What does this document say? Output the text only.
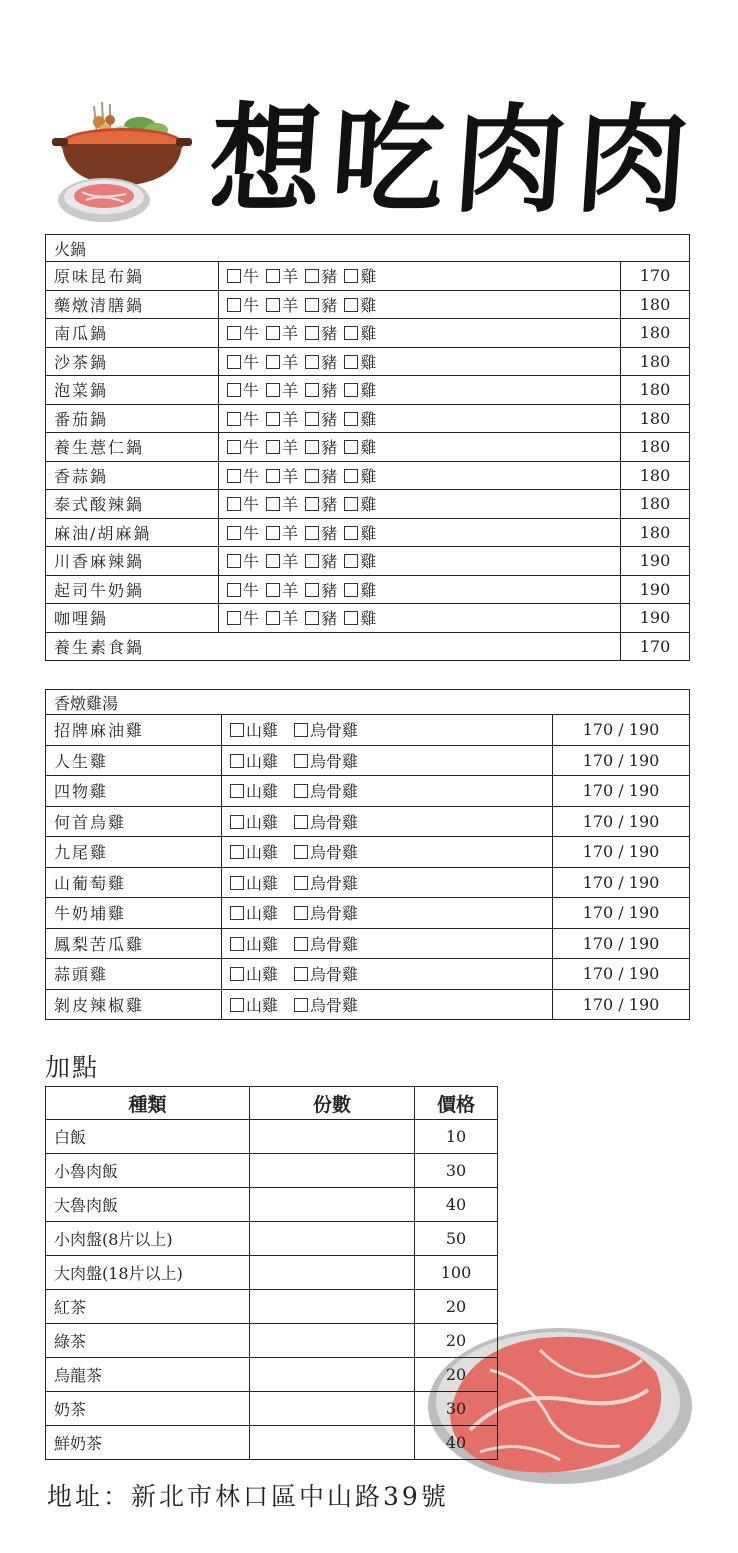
想吃肉肉
火鍋		
原味昆布鍋	牛 羊 豬 雞	170
藥燉清膳鍋	牛 羊 豬 雞	180
南瓜鍋	牛 羊 豬 雞	180
沙茶鍋	牛 羊 豬 雞	180
泡菜鍋	牛 羊 豬 雞	180
番茄鍋	牛 羊 豬 雞	180
養生薏仁鍋	牛 羊 豬 雞	180
香蒜鍋	牛 羊 豬 雞	180
泰式酸辣鍋	牛 羊 豬 雞	180
麻油/胡麻鍋	牛 羊 豬 雞	180
川香麻辣鍋	牛 羊 豬 雞	190
起司牛奶鍋	牛 羊 豬 雞	190
咖哩鍋	牛 羊 豬 雞	190
養生素食鍋		170
香燉雞湯		
招牌麻油雞	山雞 烏骨雞	170 / 190
人生雞	山雞 烏骨雞	170 / 190
四物雞	山雞 烏骨雞	170 / 190
何首烏雞	山雞 烏骨雞	170 / 190
九尾雞	山雞 烏骨雞	170 / 190
山葡萄雞	山雞 烏骨雞	170 / 190
牛奶埔雞	山雞 烏骨雞	170 / 190
鳳梨苦瓜雞	山雞 烏骨雞	170 / 190
蒜頭雞	山雞 烏骨雞	170 / 190
剝皮辣椒雞	山雞 烏骨雞	170 / 190
加點
種類	份數	價格
白飯		10
小魯肉飯		30
大魯肉飯		40
小肉盤(8片以上)		50
大肉盤(18片以上)		100
紅茶		20
綠茶		20
烏龍茶		20
奶茶		30
鮮奶茶		40
地址：新北市林口區中山路39號
